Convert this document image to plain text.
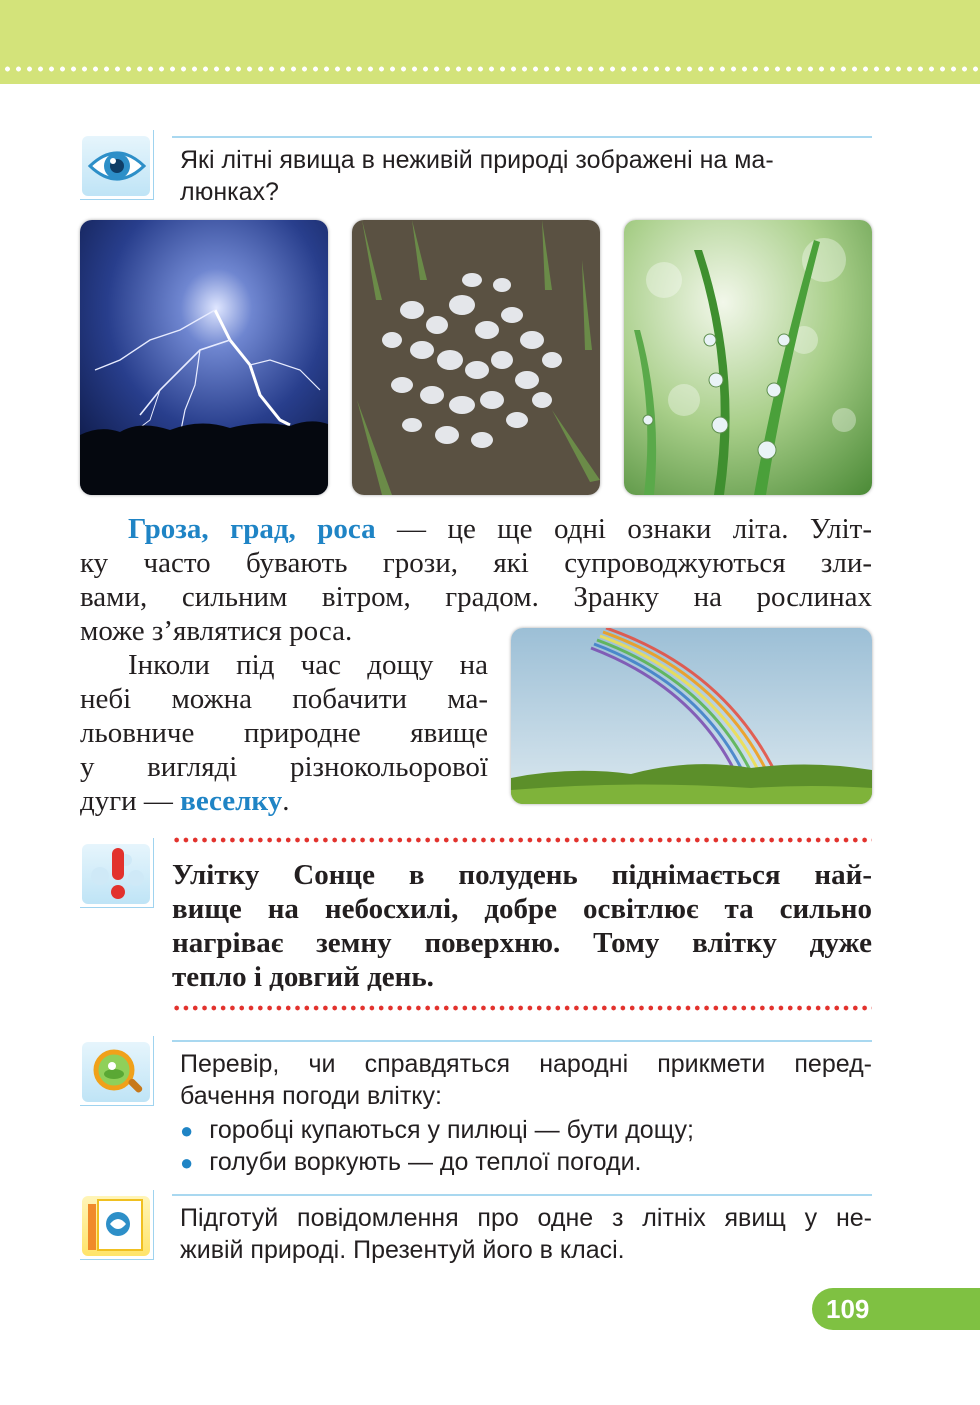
Які літні явища в неживій природі зображені на ма-
люнках?
Гроза, град, роса — це ще одні ознаки літа. Уліт-
ку часто бувають грози, які супроводжуються зли-
вами, сильним вітром, градом. Зранку на рослинах
може з’являтися роса.
Інколи під час дощу на
небі можна побачити ма-
льовниче природне явище
у вигляді різнокольорової
дуги — веселку.
Улітку Сонце в полудень піднімається най-
вище на небосхилі, добре освітлює та сильно
нагріває земну поверхню. Тому влітку дуже
тепло і довгий день.
Перевір, чи справдяться народні прикмети перед-
бачення погоди влітку:
● горобці купаються у пилюці — бути дощу;
● голуби воркують — до теплої погоди.
Підготуй повідомлення про одне з літніх явищ у не-
живій природі. Презентуй його в класі.
109
